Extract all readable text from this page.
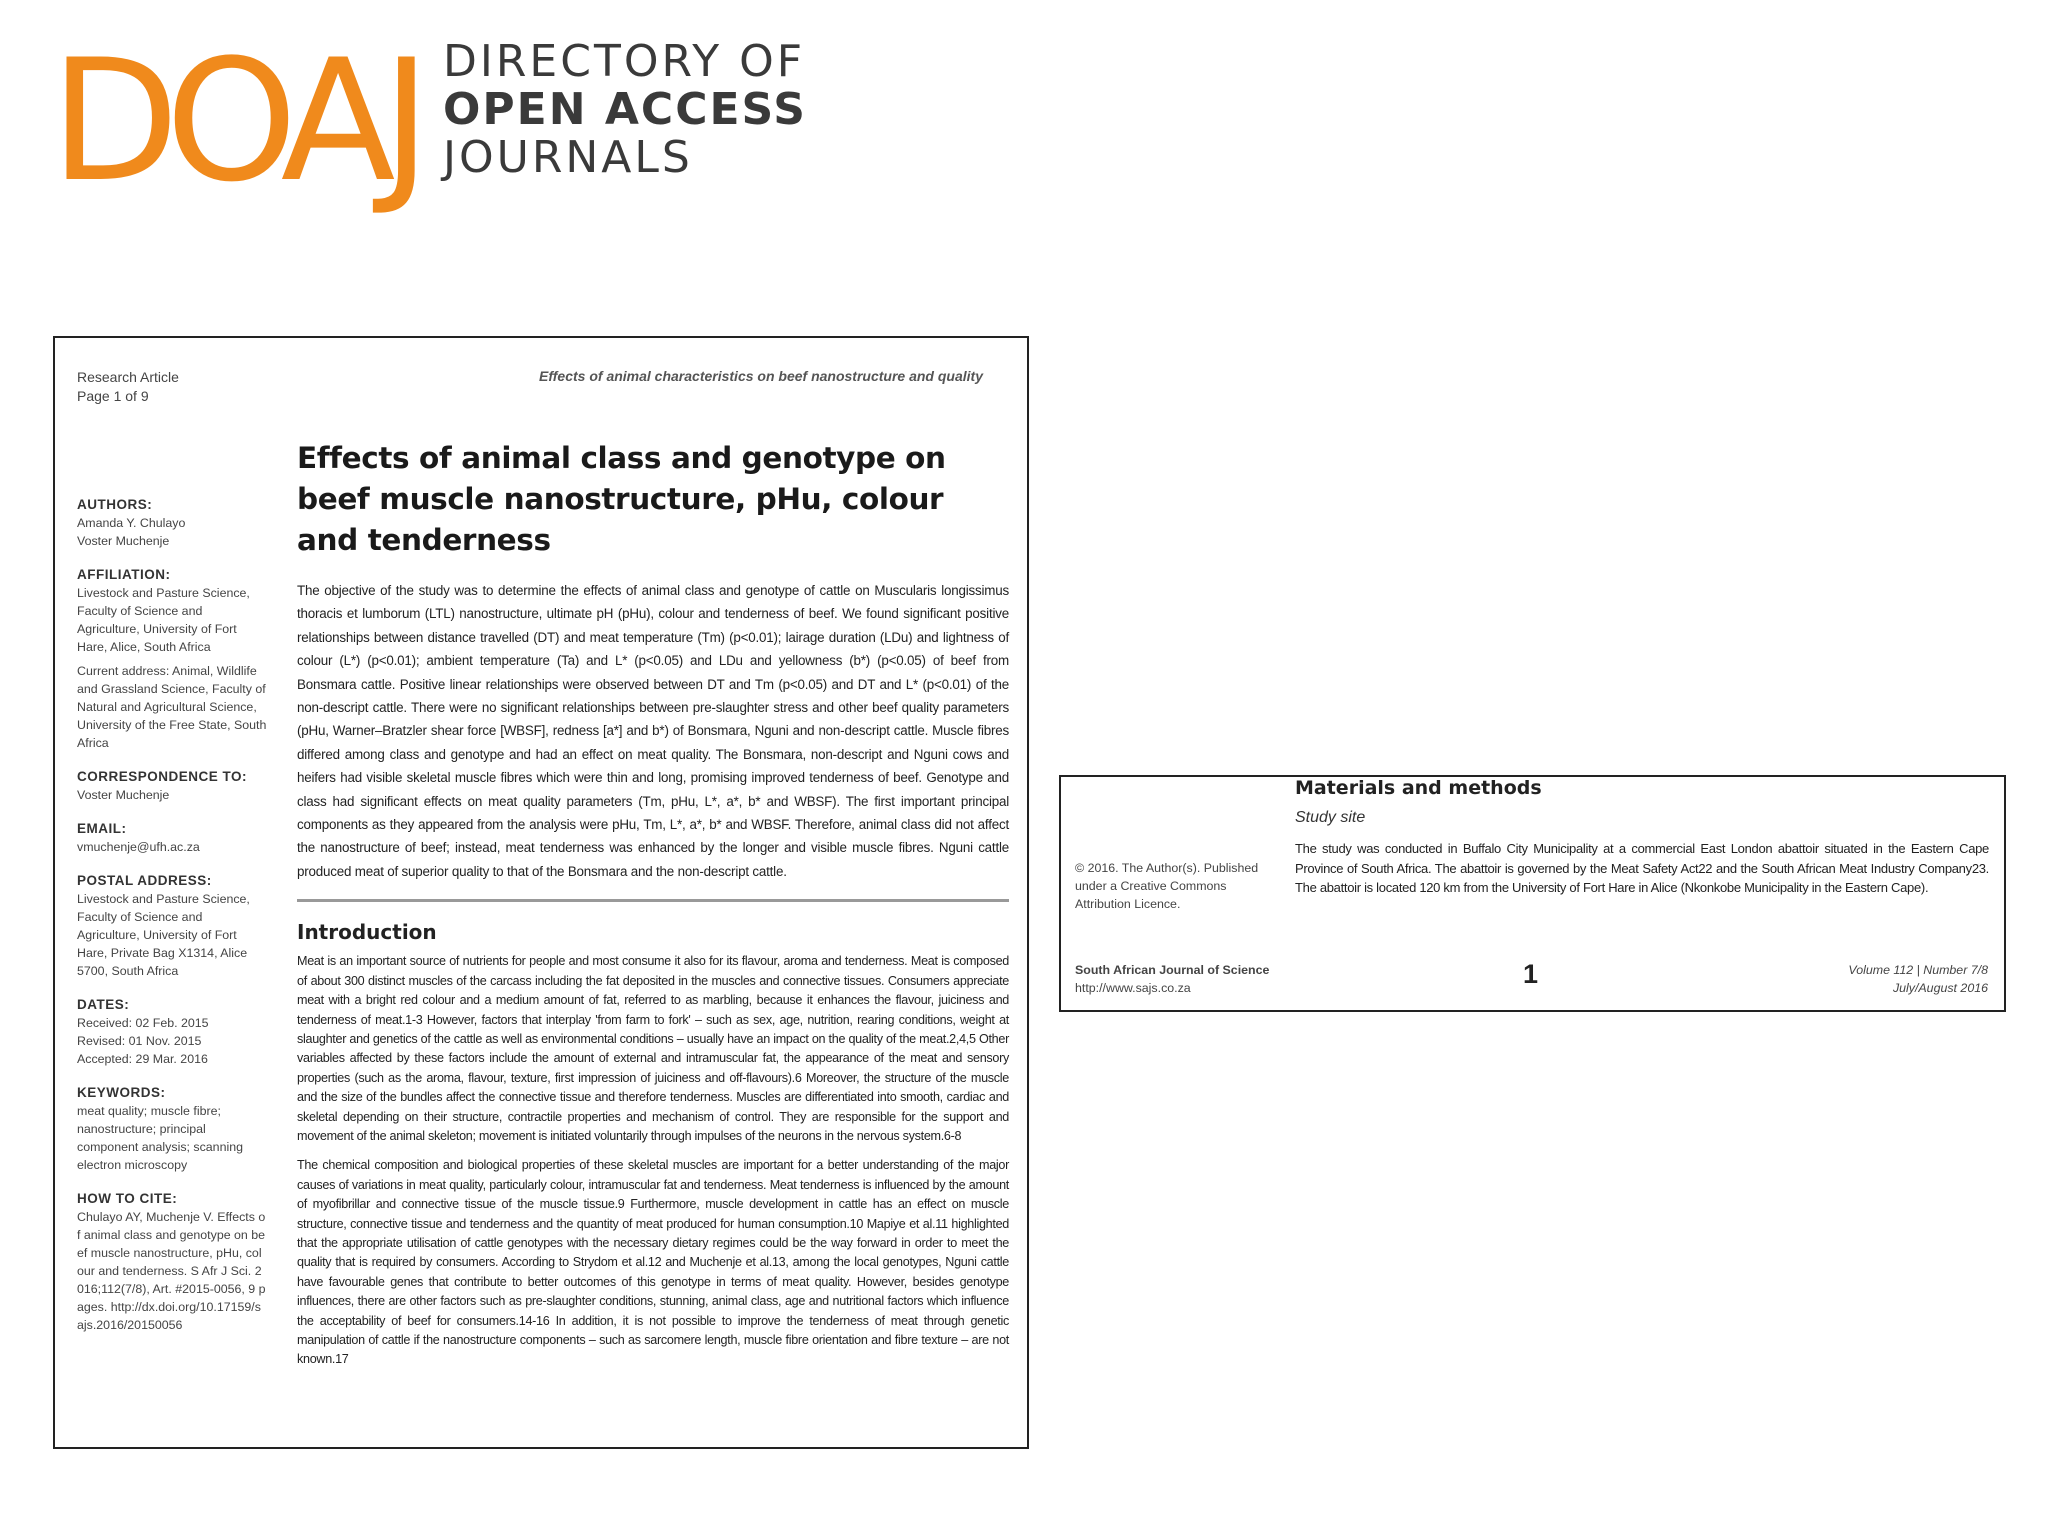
DOAJ DIRECTORY OF
OPEN ACCESS
JOURNALS
Research Article
Page 1 of 9
Effects of animal characteristics on beef nanostructure and quality
AUTHORS:
Amanda Y. Chulayo
Voster Muchenje
AFFILIATION:
Livestock and Pasture Science, Faculty of Science and Agriculture, University of Fort Hare, Alice, South Africa
Current address: Animal, Wildlife and Grassland Science, Faculty of Natural and Agricultural Science, University of the Free State, South Africa
CORRESPONDENCE TO:
Voster Muchenje
EMAIL:
vmuchenje@ufh.ac.za
POSTAL ADDRESS:
Livestock and Pasture Science, Faculty of Science and Agriculture, University of Fort Hare, Private Bag X1314, Alice 5700, South Africa
DATES:
Received: 02 Feb. 2015
Revised: 01 Nov. 2015
Accepted: 29 Mar. 2016
KEYWORDS:
meat quality; muscle fibre; nanostructure; principal component analysis; scanning electron microscopy
HOW TO CITE:
Chulayo AY, Muchenje V. Effects of animal class and genotype on beef muscle nanostructure, pHu, colour and tenderness. S Afr J Sci. 2016;112(7/8), Art. #2015-0056, 9 pages. http://dx.doi.org/10.17159/sajs.2016/20150056
Effects of animal class and genotype on beef muscle nanostructure, pHu, colour and tenderness

The objective of the study was to determine the effects of animal class and genotype of cattle on Muscularis longissimus thoracis et lumborum (LTL) nanostructure, ultimate pH (pHu), colour and tenderness of beef. We found significant positive relationships between distance travelled (DT) and meat temperature (Tm) (p<0.01); lairage duration (LDu) and lightness of colour (L*) (p<0.01); ambient temperature (Ta) and L* (p<0.05) and LDu and yellowness (b*) (p<0.05) of beef from Bonsmara cattle. Positive linear relationships were observed between DT and Tm (p<0.05) and DT and L* (p<0.01) of the non-descript cattle. There were no significant relationships between pre-slaughter stress and other beef quality parameters (pHu, Warner–Bratzler shear force [WBSF], redness [a*] and b*) of Bonsmara, Nguni and non-descript cattle. Muscle fibres differed among class and genotype and had an effect on meat quality. The Bonsmara, non-descript and Nguni cows and heifers had visible skeletal muscle fibres which were thin and long, promising improved tenderness of beef. Genotype and class had significant effects on meat quality parameters (Tm, pHu, L*, a*, b* and WBSF). The first important principal components as they appeared from the analysis were pHu, Tm, L*, a*, b* and WBSF. Therefore, animal class did not affect the nanostructure of beef; instead, meat tenderness was enhanced by the longer and visible muscle fibres. Nguni cattle produced meat of superior quality to that of the Bonsmara and the non-descript cattle.

Introduction

Meat is an important source of nutrients for people and most consume it also for its flavour, aroma and tenderness. Meat is composed of about 300 distinct muscles of the carcass including the fat deposited in the muscles and connective tissues. Consumers appreciate meat with a bright red colour and a medium amount of fat, referred to as marbling, because it enhances the flavour, juiciness and tenderness of meat.1-3 However, factors that interplay 'from farm to fork' – such as sex, age, nutrition, rearing conditions, weight at slaughter and genetics of the cattle as well as environmental conditions – usually have an impact on the quality of the meat.2,4,5 Other variables affected by these factors include the amount of external and intramuscular fat, the appearance of the meat and sensory properties (such as the aroma, flavour, texture, first impression of juiciness and off-flavours).6 Moreover, the structure of the muscle and the size of the bundles affect the connective tissue and therefore tenderness. Muscles are differentiated into smooth, cardiac and skeletal depending on their structure, contractile properties and mechanism of control. They are responsible for the support and movement of the animal skeleton; movement is initiated voluntarily through impulses of the neurons in the nervous system.6-8

The chemical composition and biological properties of these skeletal muscles are important for a better understanding of the major causes of variations in meat quality, particularly colour, intramuscular fat and tenderness. Meat tenderness is influenced by the amount of myofibrillar and connective tissue of the muscle tissue.9 Furthermore, muscle development in cattle has an effect on muscle structure, connective tissue and tenderness and the quantity of meat produced for human consumption.10 Mapiye et al.11 highlighted that the appropriate utilisation of cattle genotypes with the necessary dietary regimes could be the way forward in order to meet the quality that is required by consumers. According to Strydom et al.12 and Muchenje et al.13, among the local genotypes, Nguni cattle have favourable genes that contribute to better outcomes of this genotype in terms of meat quality. However, besides genotype influences, there are other factors such as pre-slaughter conditions, stunning, animal class, age and nutritional factors which influence the acceptability of beef for consumers.14-16 In addition, it is not possible to improve the tenderness of meat through genetic manipulation of cattle if the nanostructure components – such as sarcomere length, muscle fibre orientation and fibre texture – are not known.17

Materials and methods
Study site
The study was conducted in Buffalo City Municipality at a commercial East London abattoir situated in the Eastern Cape Province of South Africa. The abattoir is governed by the Meat Safety Act22 and the South African Meat Industry Company23. The abattoir is located 120 km from the University of Fort Hare in Alice (Nkonkobe Municipality in the Eastern Cape).
© 2016. The Author(s). Published under a Creative Commons Attribution Licence.
South African Journal of Science
http://www.sajs.co.za	1	Volume 112 | Number 7/8
July/August 2016
